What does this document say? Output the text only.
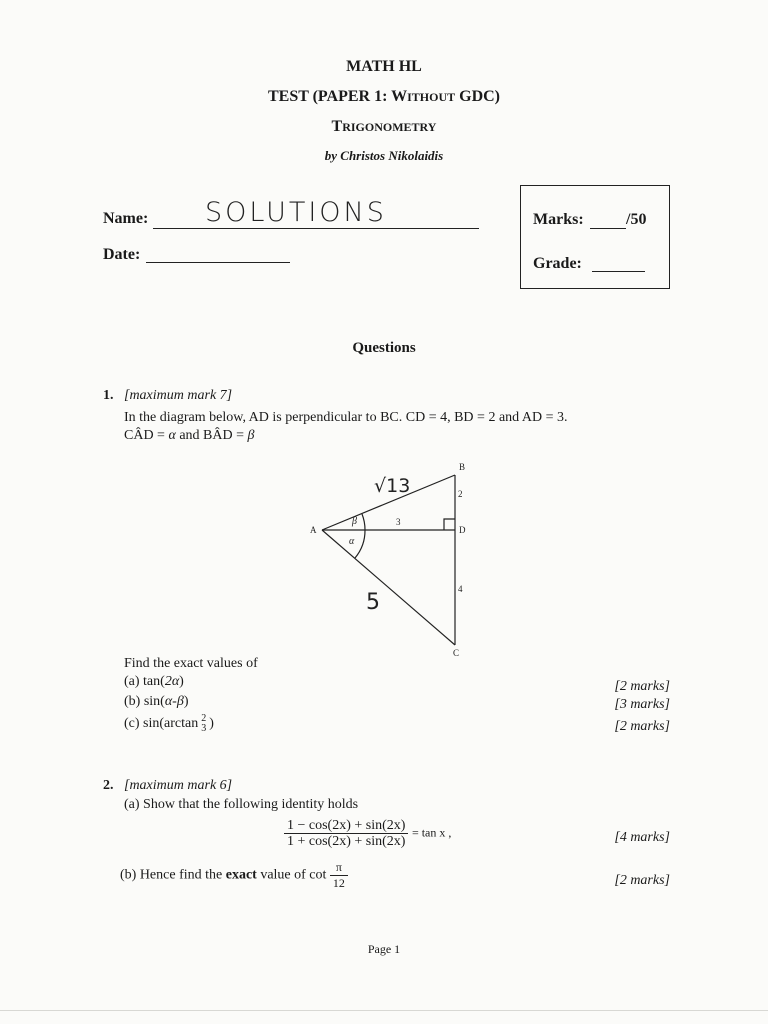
MATH HL
TEST (PAPER 1: WITHOUT GDC)
TRIGONOMETRY
by Christos Nikolaidis
Name: SOLUTIONS
Date:
Marks:	/50
Grade:
Questions
1. [maximum mark 7]
In the diagram below, AD is perpendicular to BC. CD = 4, BD = 2 and AD = 3.
CÂD = α and BÂD = β
B
A	D
C
2
3
4
β
α
√13
5
Find the exact values of
(a) tan(2α)
(b) sin(α-β)
(c) sin(arctan 2
3 )
[2 marks]
[3 marks]
[2 marks]
2. [maximum mark 6]
(a) Show that the following identity holds
$\frac{1 - \cos(2x) + \sin(2x)}{1 + \cos(2x) + \sin(2x)} = \tan x$ ,	[4 marks]
(b) Hence find the exact value of $\cot \frac{\pi}{12}$	[2 marks]
Page 1
